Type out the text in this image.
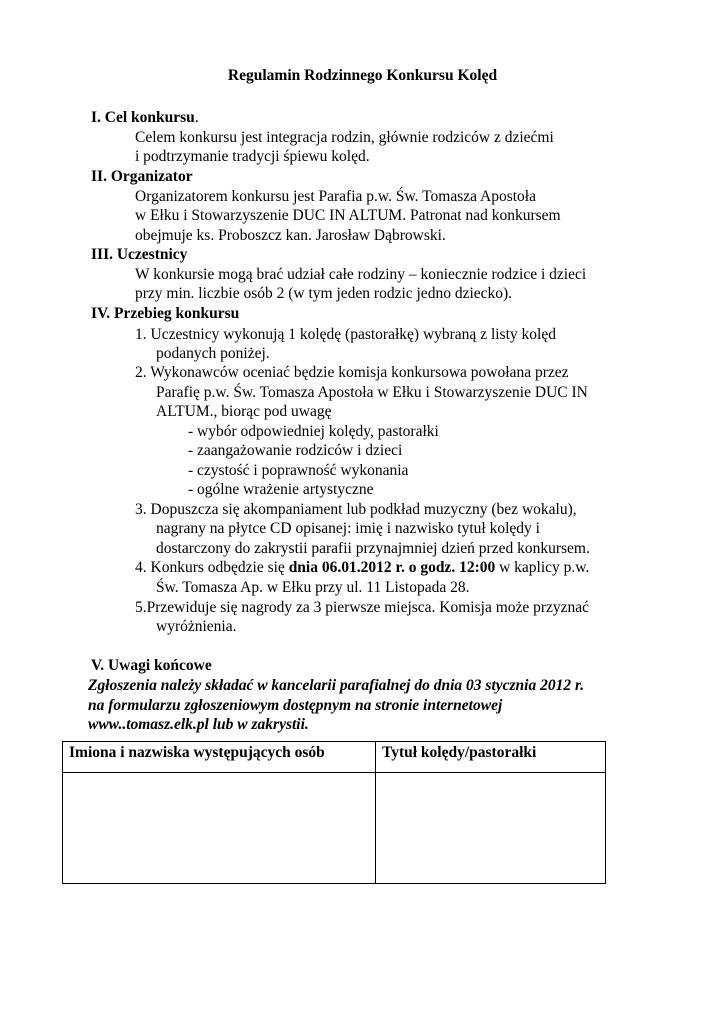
Regulamin Rodzinnego Konkursu Kolęd
I. Cel konkursu.
Celem konkursu jest integracja rodzin, głównie rodziców z dziećmi
i podtrzymanie tradycji śpiewu kolęd.
II. Organizator
Organizatorem konkursu jest Parafia p.w. Św. Tomasza Apostoła
w Ełku i Stowarzyszenie DUC IN ALTUM. Patronat nad konkursem
obejmuje ks. Proboszcz kan. Jarosław Dąbrowski.
III. Uczestnicy
W konkursie mogą brać udział całe rodziny – koniecznie rodzice i dzieci
przy min. liczbie osób 2 (w tym jeden rodzic jedno dziecko).
IV. Przebieg konkursu
1. Uczestnicy wykonują 1 kolędę (pastorałkę) wybraną z listy kolęd
podanych poniżej.
2. Wykonawców oceniać będzie komisja konkursowa powołana przez
Parafię p.w. Św. Tomasza Apostoła w Ełku i Stowarzyszenie DUC IN
ALTUM., biorąc pod uwagę
- wybór odpowiedniej kolędy, pastorałki
- zaangażowanie rodziców i dzieci
- czystość i poprawność wykonania
- ogólne wrażenie artystyczne
3. Dopuszcza się akompaniament lub podkład muzyczny (bez wokalu),
nagrany na płytce CD opisanej: imię i nazwisko tytuł kolędy i
dostarczony do zakrystii parafii przynajmniej dzień przed konkursem.
4. Konkurs odbędzie się dnia 06.01.2012 r. o godz. 12:00 w kaplicy p.w.
Św. Tomasza Ap. w Ełku przy ul. 11 Listopada 28.
5.Przewiduje się nagrody za 3 pierwsze miejsca. Komisja może przyznać
wyróżnienia.
V. Uwagi końcowe
Zgłoszenia należy składać w kancelarii parafialnej do dnia 03 stycznia 2012 r.
na formularzu zgłoszeniowym dostępnym na stronie internetowej
www..tomasz.elk.pl lub w zakrystii.
Imiona i nazwiska występujących osób	Tytuł kolędy/pastorałki
